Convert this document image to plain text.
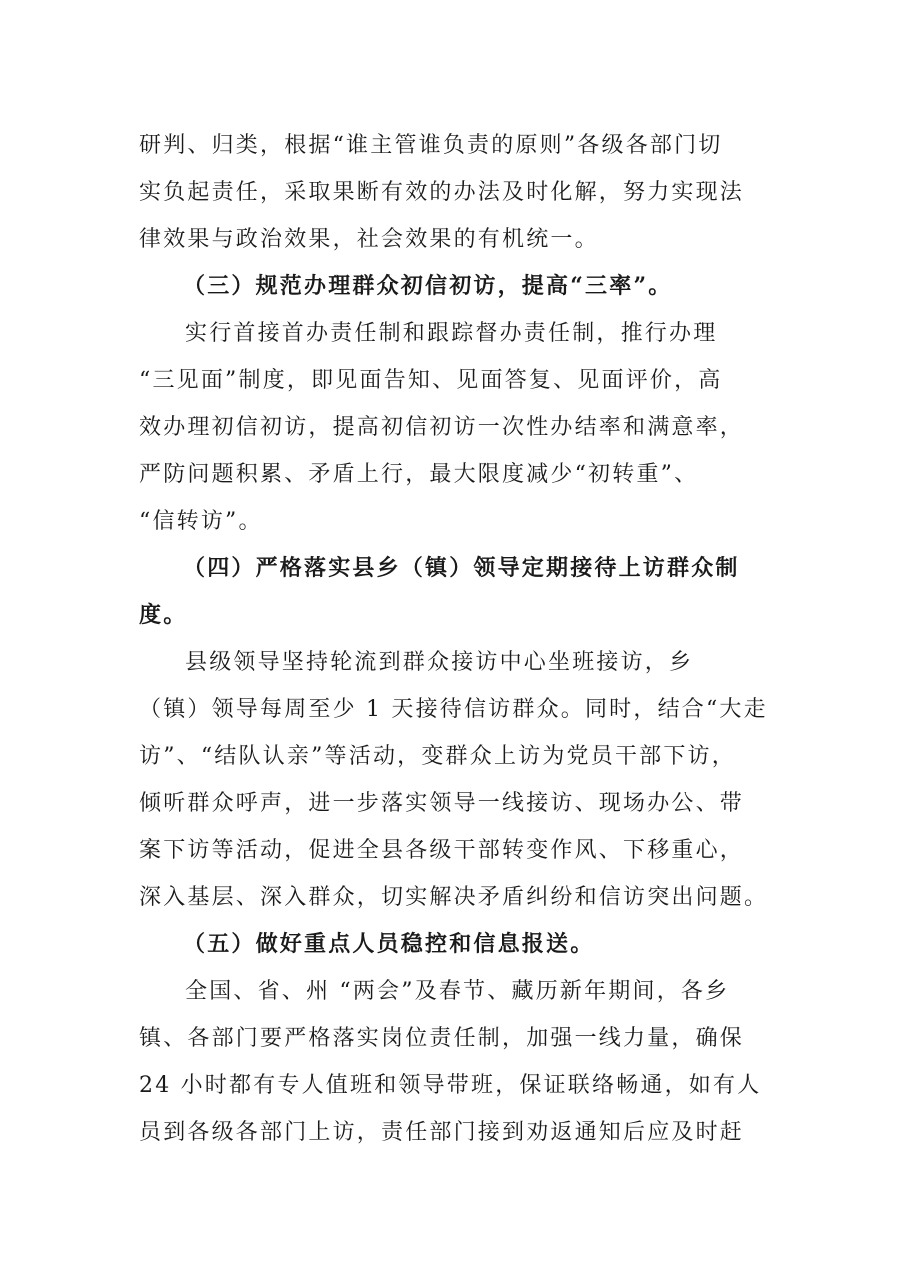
研判、归类，根据“谁主管谁负责的原则”各级各部门切
实负起责任，采取果断有效的办法及时化解，努力实现法
律效果与政治效果，社会效果的有机统一。
（三）规范办理群众初信初访，提高“三率”。
实行首接首办责任制和跟踪督办责任制，推行办理
“三见面”制度，即见面告知、见面答复、见面评价，高
效办理初信初访，提高初信初访一次性办结率和满意率，
严防问题积累、矛盾上行，最大限度减少“初转重”、
“信转访”。
（四）严格落实县乡（镇）领导定期接待上访群众制
度。
县级领导坚持轮流到群众接访中心坐班接访，乡
（镇）领导每周至少 1 天接待信访群众。同时，结合“大走
访”、“结队认亲”等活动，变群众上访为党员干部下访，
倾听群众呼声，进一步落实领导一线接访、现场办公、带
案下访等活动，促进全县各级干部转变作风、下移重心，
深入基层、深入群众，切实解决矛盾纠纷和信访突出问题。
（五）做好重点人员稳控和信息报送。
全国、省、州 “两会”及春节、藏历新年期间，各乡
镇、各部门要严格落实岗位责任制，加强一线力量，确保
24 小时都有专人值班和领导带班，保证联络畅通，如有人
员到各级各部门上访，责任部门接到劝返通知后应及时赶
